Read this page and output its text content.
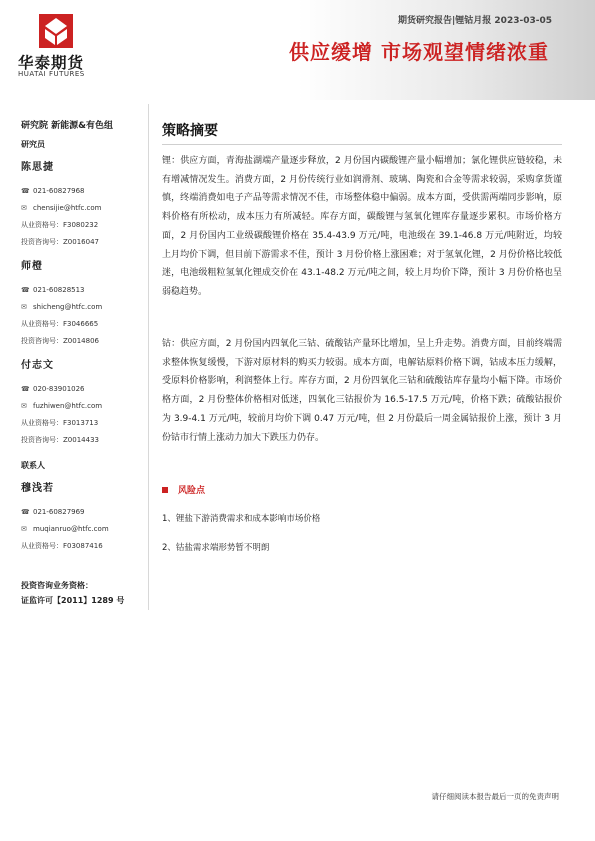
华泰期货
HUATAI FUTURES
期货研究报告|锂钴月报 2023-03-05
供应缓增 市场观望情绪浓重
研究院 新能源&有色组
研究员
陈思捷
☎ 021-60827968
✉ chensijie@htfc.com
从业资格号：F3080232
投资咨询号：Z0016047
师橙
☎ 021-60828513
✉ shicheng@htfc.com
从业资格号：F3046665
投资咨询号：Z0014806
付志文
☎ 020-83901026
✉ fuzhiwen@htfc.com
从业资格号：F3013713
投资咨询号：Z0014433
联系人
穆浅若
☎ 021-60827969
✉ muqianruo@htfc.com
从业资格号：F03087416
投资咨询业务资格：
证监许可【2011】1289 号
策略摘要

锂：供应方面，青海盐湖端产量逐步释放，2 月份国内碳酸锂产量小幅增加；氯化锂供应链较稳，未有增减情况发生。消费方面，2 月份传统行业如润滑剂、玻璃、陶瓷和合金等需求较弱，采购拿货谨慎，终端消费如电子产品等需求情况不佳，市场整体稳中偏弱。成本方面，受供需两端同步影响，原料价格有所松动，成本压力有所减轻。库存方面，碳酸锂与氢氧化锂库存量逐步累积。市场价格方面，2 月份国内工业级碳酸锂价格在 35.4-43.9 万元/吨，电池级在 39.1-46.8 万元/吨附近，均较上月均价下调，但目前下游需求不佳，预计 3 月份价格上涨困难；对于氢氧化锂，2 月份价格比较低迷，电池级粗粒氢氧化锂成交价在 43.1-48.2 万元/吨之间，较上月均价下降，预计 3 月份价格也呈弱稳趋势。

钴：供应方面，2 月份国内四氧化三钴、硫酸钴产量环比增加，呈上升走势。消费方面，目前终端需求整体恢复缓慢，下游对原材料的购买力较弱。成本方面，电解钴原料价格下调，钴成本压力缓解，受原料价格影响，利润整体上行。库存方面，2 月份四氧化三钴和硫酸钴库存量均小幅下降。市场价格方面，2 月份整体价格相对低迷，四氧化三钴报价为 16.5-17.5 万元/吨，价格下跌；硫酸钴报价为 3.9-4.1 万元/吨，较前月均价下调 0.47 万元/吨，但 2 月份最后一周金属钴报价上涨，预计 3 月份钴市行情上涨动力加大下跌压力仍存。

风险点
1、锂盐下游消费需求和成本影响市场价格
2、钴盐需求端形势暂不明朗
请仔细阅读本报告最后一页的免责声明
